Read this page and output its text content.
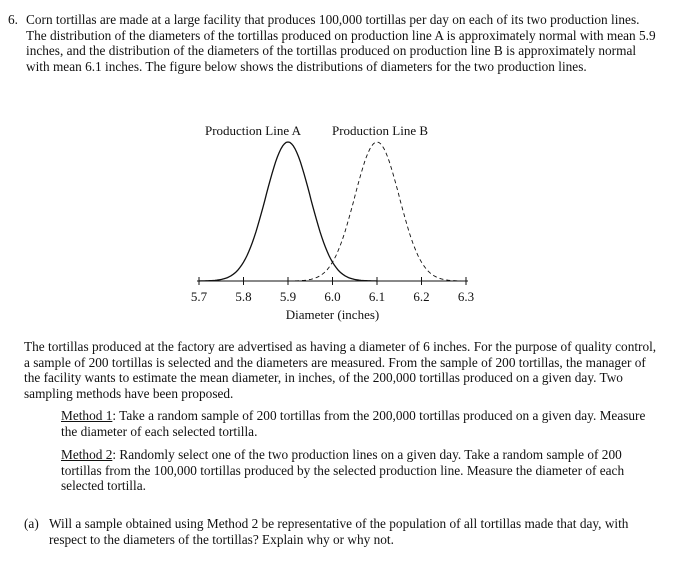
6. Corn tortillas are made at a large facility that produces 100,000 tortillas per day on each of its two production lines. The distribution of the diameters of the tortillas produced on production line A is approximately normal with mean 5.9 inches, and the distribution of the diameters of the tortillas produced on production line B is approximately normal with mean 6.1 inches. The figure below shows the distributions of diameters for the two production lines.
5.7 5.8 5.9 6.0 6.1 6.2 6.3
Production Line A Production Line B
Diameter (inches)

The tortillas produced at the factory are advertised as having a diameter of 6 inches. For the purpose of quality control, a sample of 200 tortillas is selected and the diameters are measured. From the sample of 200 tortillas, the manager of the facility wants to estimate the mean diameter, in inches, of the 200,000 tortillas produced on a given day. Two sampling methods have been proposed.

Method 1: Take a random sample of 200 tortillas from the 200,000 tortillas produced on a given day. Measure the diameter of each selected tortilla.

Method 2: Randomly select one of the two production lines on a given day. Take a random sample of 200 tortillas from the 100,000 tortillas produced by the selected production line. Measure the diameter of each selected tortilla.

(a) Will a sample obtained using Method 2 be representative of the population of all tortillas made that day, with respect to the diameters of the tortillas? Explain why or why not.
